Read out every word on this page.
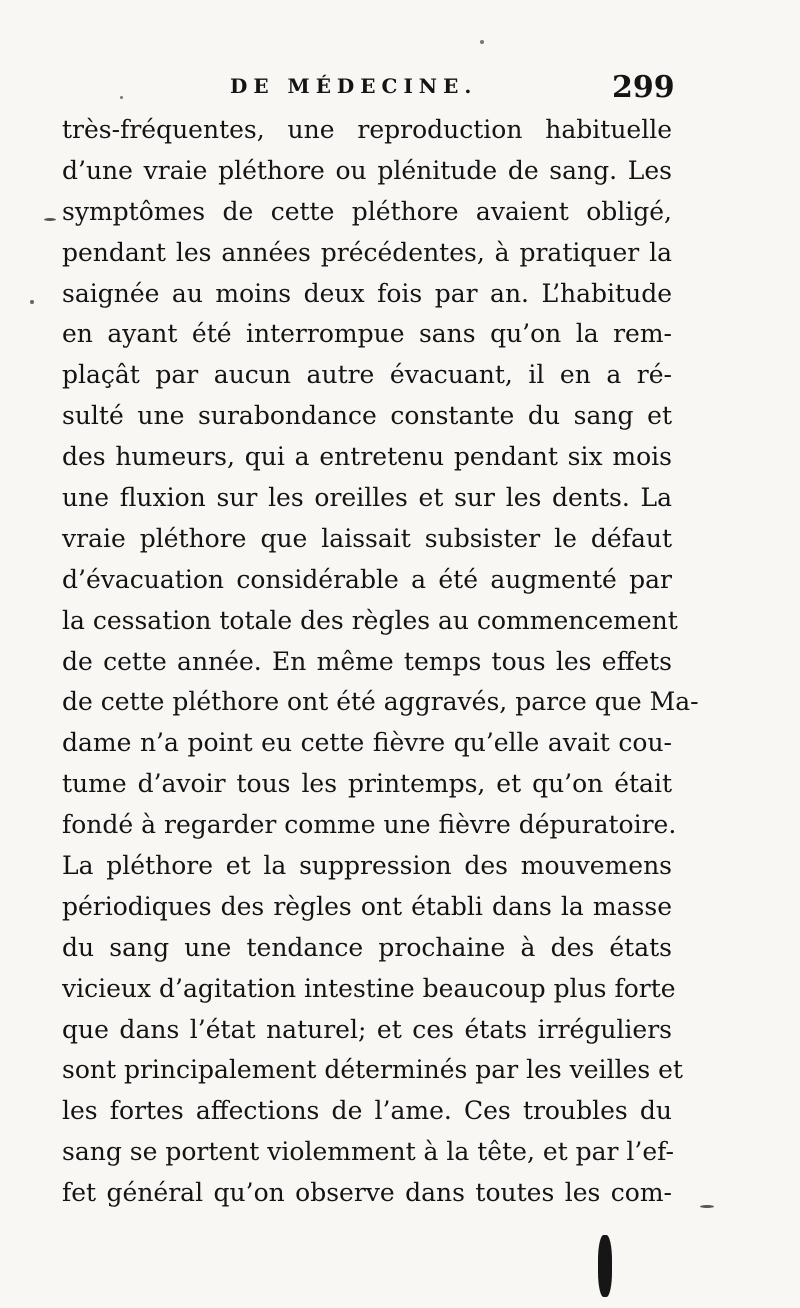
DE MÉDECINE.	299
très-fréquentes, une reproduction habituelle
d’une vraie pléthore ou plénitude de sang. Les
symptômes de cette pléthore avaient obligé,
pendant les années précédentes, à pratiquer la
saignée au moins deux fois par an. L’habitude
en ayant été interrompue sans qu’on la rem-
plaçât par aucun autre évacuant, il en a ré-
sulté une surabondance constante du sang et
des humeurs, qui a entretenu pendant six mois
une fluxion sur les oreilles et sur les dents. La
vraie pléthore que laissait subsister le défaut
d’évacuation considérable a été augmenté par
la cessation totale des règles au commencement
de cette année. En même temps tous les effets
de cette pléthore ont été aggravés, parce que Ma-
dame n’a point eu cette fièvre qu’elle avait cou-
tume d’avoir tous les printemps, et qu’on était
fondé à regarder comme une fièvre dépuratoire.
La pléthore et la suppression des mouvemens
périodiques des règles ont établi dans la masse
du sang une tendance prochaine à des états
vicieux d’agitation intestine beaucoup plus forte
que dans l’état naturel; et ces états irréguliers
sont principalement déterminés par les veilles et
les fortes affections de l’ame. Ces troubles du
sang se portent violemment à la tête, et par l’ef-
fet général qu’on observe dans toutes les com-
